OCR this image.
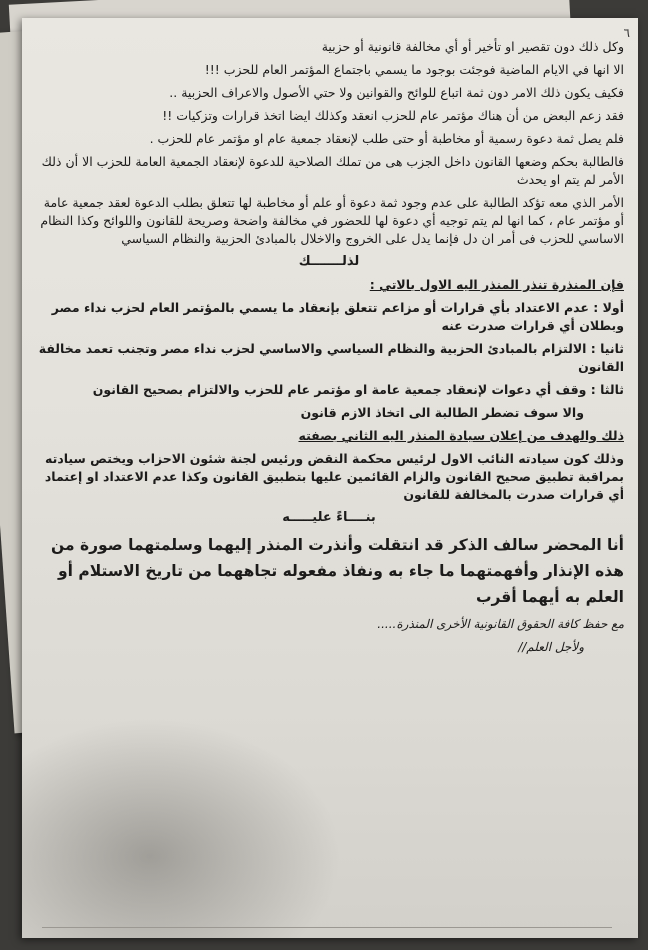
٦

وكل ذلك دون تقصير او تأخير أو أي مخالفة قانونية أو حزبية

الا انها في الايام الماضية فوجئت بوجود ما يسمي باجتماع المؤتمر العام للحزب !!!

فكيف يكون ذلك الامر دون ثمة اتباع للوائح والقوانين ولا حتي الأصول والاعراف الحزبية ..

فقد زعم البعض من أن هناك مؤتمر عام للحزب انعقد وكذلك ايضا اتخذ قرارات وتزكيات !!

فلم يصل ثمة دعوة رسمية أو مخاطبة أو حتى طلب لإنعقاد جمعية عام او مؤتمر عام للحزب .

فالطالبة بحكم وضعها القانون داخل الجزب هى من تملك الصلاحية للدعوة لإنعقاد الجمعية العامة للحزب الا أن ذلك الأمر لم يتم او يحدث

الأمر الذي معه تؤكد الطالبة على عدم وجود ثمة دعوة أو علم أو مخاطبة لها تتعلق بطلب الدعوة لعقد جمعية عامة أو مؤتمر عام ، كما انها لم يتم توجيه أي دعوة لها للحضور في مخالفة واضحة وصريحة للقانون واللوائح وكذا النظام الاساسي للحزب فى أمر ان دل فإنما يدل على الخروج والاخلال بالمبادئ الحزبية والنظام السياسي

لذلـــــــك

فإن المنذرة تنذر المنذر اليه الاول بالاتي :

أولا : عدم الاعتداد بأي قرارات أو مزاعم تتعلق بإنعقاد ما يسمي بالمؤتمر العام لحزب نداء مصر وبطلان أي قرارات صدرت عنه

ثانيا : الالتزام بالمبادئ الحزبية والنظام السياسي والاساسي لحزب نداء مصر وتجنب تعمد مخالفة القانون

ثالثا : وقف أي دعوات لإنعقاد جمعية عامة او مؤتمر عام للحزب والالتزام بصحيح القانون

والا سوف تضطر الطالبة الى اتخاذ الازم قانون

ذلك والهدف من إعلان سيادة المنذر اليه الثاني بصفته

وذلك كون سيادته النائب الاول لرئيس محكمة النقض ورئيس لجنة شئون الاحزاب ويختص سيادته بمراقبة تطبيق صحيح القانون والزام القائمين عليها بتطبيق القانون وكذا عدم الاعتداد او إعتماد أي قرارات صدرت بالمخالفة للقانون

بنــــاءً عليـــــه

أنا المحضر سالف الذكر قد انتقلت وأنذرت المنذر إليهما وسلمتهما صورة من هذه الإنذار وأفهمتهما ما جاء به ونفاذ مفعوله تجاههما من تاريخ الاستلام أو العلم به أيهما أقرب

مع حفظ كافة الحقوق القانونية الأخرى المنذرة.....

ولأجل العلم//
